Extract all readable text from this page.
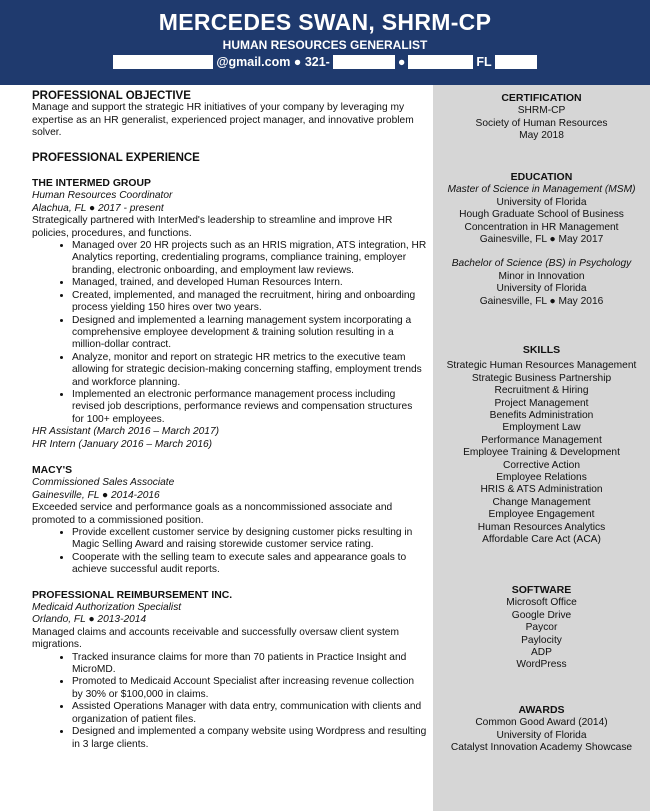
MERCEDES SWAN, SHRM-CP
HUMAN RESOURCES GENERALIST
@gmail.com ● 321-	●	FL
PROFESSIONAL OBJECTIVE

Manage and support the strategic HR initiatives of your company by leveraging my expertise as an HR generalist, experienced project manager, and innovative problem solver.

PROFESSIONAL EXPERIENCE
THE INTERMED GROUP
Human Resources Coordinator
Alachua, FL ● 2017 - present

Strategically partnered with InterMed's leadership to streamline and improve HR policies, procedures, and functions.

• Managed over 20 HR projects such as an HRIS migration, ATS integration, HR Analytics reporting, credentialing programs, compliance training, employer branding, electronic onboarding, and employment law reviews.
• Managed, trained, and developed Human Resources Intern.
• Created, implemented, and managed the recruitment, hiring and onboarding process yielding 150 hires over two years.
• Designed and implemented a learning management system incorporating a comprehensive employee development & training solution resulting in a million-dollar contract.
• Analyze, monitor and report on strategic HR metrics to the executive team allowing for strategic decision-making concerning staffing, employment trends and workforce planning.
• Implemented an electronic performance management process including revised job descriptions, performance reviews and compensation structures for 100+ employees.
HR Assistant (March 2016 – March 2017)
HR Intern (January 2016 – March 2016)
MACY'S
Commissioned Sales Associate
Gainesville, FL ● 2014-2016

Exceeded service and performance goals as a noncommissioned associate and promoted to a commissioned position.

• Provide excellent customer service by designing customer picks resulting in Magic Selling Award and raising storewide customer service rating.
• Cooperate with the selling team to execute sales and appearance goals to achieve successful audit reports.
PROFESSIONAL REIMBURSEMENT INC.
Medicaid Authorization Specialist
Orlando, FL ● 2013-2014

Managed claims and accounts receivable and successfully oversaw client system migrations.

• Tracked insurance claims for more than 70 patients in Practice Insight and MicroMD.
• Promoted to Medicaid Account Specialist after increasing revenue collection by 30% or $100,000 in claims.
• Assisted Operations Manager with data entry, communication with clients and organization of patient files.
• Designed and implemented a company website using Wordpress and resulting in 3 large clients.
CERTIFICATION
SHRM-CP
Society of Human Resources
May 2018
EDUCATION
Master of Science in Management (MSM)
University of Florida
Hough Graduate School of Business
Concentration in HR Management
Gainesville, FL ● May 2017
Bachelor of Science (BS) in Psychology
Minor in Innovation
University of Florida
Gainesville, FL ● May 2016
SKILLS
Strategic Human Resources Management
Strategic Business Partnership
Recruitment & Hiring
Project Management
Benefits Administration
Employment Law
Performance Management
Employee Training & Development
Corrective Action
Employee Relations
HRIS & ATS Administration
Change Management
Employee Engagement
Human Resources Analytics
Affordable Care Act (ACA)
SOFTWARE
Microsoft Office
Google Drive
Paycor
Paylocity
ADP
WordPress
AWARDS
Common Good Award (2014)
University of Florida
Catalyst Innovation Academy Showcase
